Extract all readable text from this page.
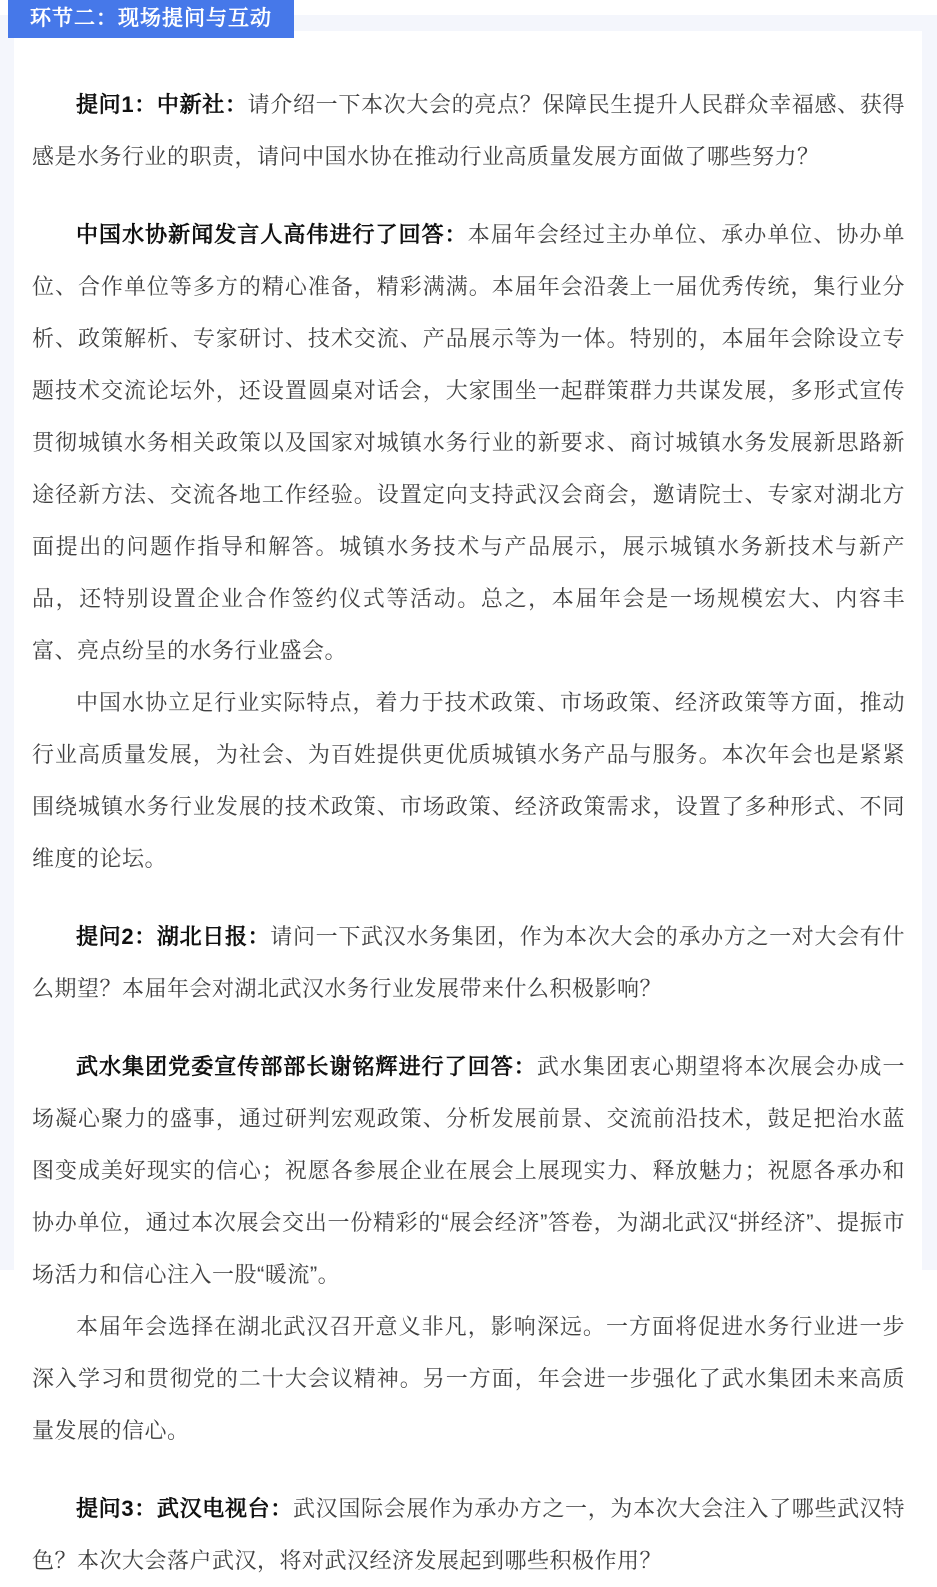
环节二：现场提问与互动

提问1：中新社：请介绍一下本次大会的亮点？保障民生提升人民群众幸福感、获得感是水务行业的职责，请问中国水协在推动行业高质量发展方面做了哪些努力？

中国水协新闻发言人高伟进行了回答：本届年会经过主办单位、承办单位、协办单位、合作单位等多方的精心准备，精彩满满。本届年会沿袭上一届优秀传统，集行业分析、政策解析、专家研讨、技术交流、产品展示等为一体。特别的，本届年会除设立专题技术交流论坛外，还设置圆桌对话会，大家围坐一起群策群力共谋发展，多形式宣传贯彻城镇水务相关政策以及国家对城镇水务行业的新要求、商讨城镇水务发展新思路新途径新方法、交流各地工作经验。设置定向支持武汉会商会，邀请院士、专家对湖北方面提出的问题作指导和解答。城镇水务技术与产品展示，展示城镇水务新技术与新产品，还特别设置企业合作签约仪式等活动。总之，本届年会是一场规模宏大、内容丰富、亮点纷呈的水务行业盛会。

中国水协立足行业实际特点，着力于技术政策、市场政策、经济政策等方面，推动行业高质量发展，为社会、为百姓提供更优质城镇水务产品与服务。本次年会也是紧紧围绕城镇水务行业发展的技术政策、市场政策、经济政策需求，设置了多种形式、不同维度的论坛。

提问2：湖北日报：请问一下武汉水务集团，作为本次大会的承办方之一对大会有什么期望？本届年会对湖北武汉水务行业发展带来什么积极影响？

武水集团党委宣传部部长谢铭辉进行了回答：武水集团衷心期望将本次展会办成一场凝心聚力的盛事，通过研判宏观政策、分析发展前景、交流前沿技术，鼓足把治水蓝图变成美好现实的信心；祝愿各参展企业在展会上展现实力、释放魅力；祝愿各承办和协办单位，通过本次展会交出一份精彩的“展会经济”答卷，为湖北武汉“拼经济”、提振市场活力和信心注入一股“暖流”。

本届年会选择在湖北武汉召开意义非凡，影响深远。一方面将促进水务行业进一步深入学习和贯彻党的二十大会议精神。另一方面，年会进一步强化了武水集团未来高质量发展的信心。

提问3：武汉电视台：武汉国际会展作为承办方之一，为本次大会注入了哪些武汉特色？本次大会落户武汉，将对武汉经济发展起到哪些积极作用？
